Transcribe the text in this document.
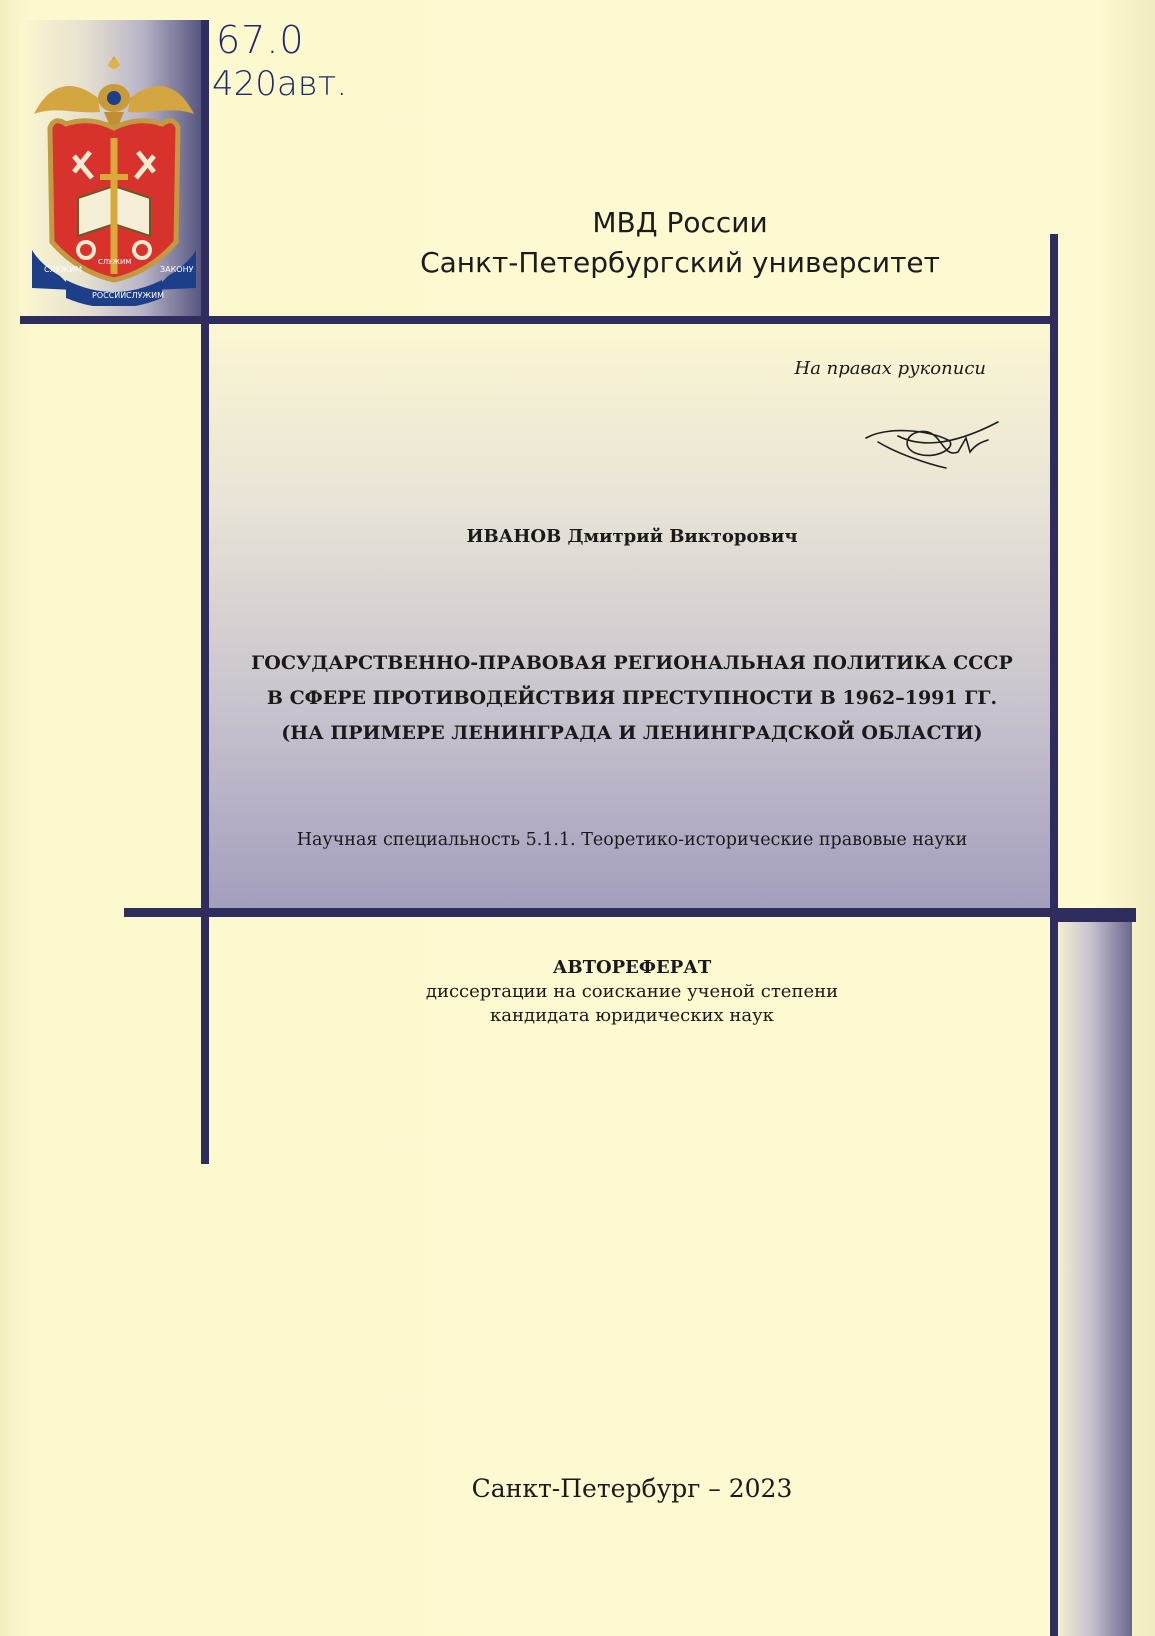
СЛУЖИМ	ЗАКОНУ
РОССИИ СЛУЖИМ
СЛУЖИМ
67.0
420авт.
МВД России
Санкт-Петербургский университет
На правах рукописи
ИВАНОВ Дмитрий Викторович
ГОСУДАРСТВЕННО-ПРАВОВАЯ РЕГИОНАЛЬНАЯ ПОЛИТИКА СССР
В СФЕРЕ ПРОТИВОДЕЙСТВИЯ ПРЕСТУПНОСТИ В 1962–1991 ГГ.
(НА ПРИМЕРЕ ЛЕНИНГРАДА И ЛЕНИНГРАДСКОЙ ОБЛАСТИ)
Научная специальность 5.1.1. Теоретико-исторические правовые науки
АВТОРЕФЕРАТ
диссертации на соискание ученой степени
кандидата юридических наук
Санкт-Петербург – 2023
